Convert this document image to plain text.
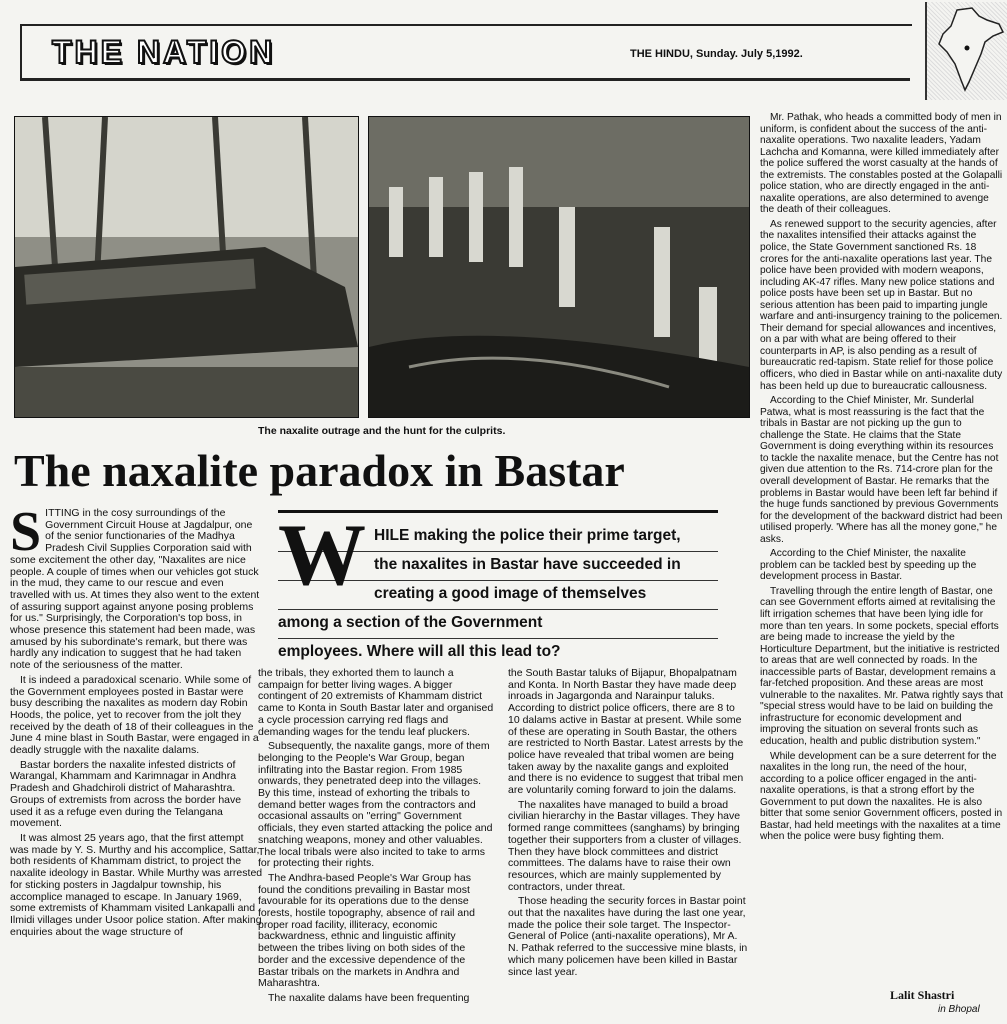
THE NATION	THE HINDU, Sunday. July 5,1992.
The naxalite outrage and the hunt for the culprits.
The naxalite paradox in Bastar

SITTING in the cosy surroundings of the Government Circuit House at Jagdalpur, one of the senior functionaries of the Madhya Pradesh Civil Supplies Corporation said with some excitement the other day, "Naxalites are nice people. A couple of times when our vehicles got stuck in the mud, they came to our rescue and even travelled with us. At times they also went to the extent of assuring support against anyone posing problems for us." Surprisingly, the Corporation's top boss, in whose presence this statement had been made, was amused by his subordinate's remark, but there was hardly any indication to suggest that he had taken note of the seriousness of the matter.

It is indeed a paradoxical scenario. While some of the Government employees posted in Bastar were busy describing the naxalites as modern day Robin Hoods, the police, yet to recover from the jolt they received by the death of 18 of their colleagues in the June 4 mine blast in South Bastar, were engaged in a deadly struggle with the naxalite dalams.

Bastar borders the naxalite infested districts of Warangal, Khammam and Karimnagar in Andhra Pradesh and Ghadchiroli district of Maharashtra. Groups of extremists from across the border have used it as a refuge even during the Telangana movement.

It was almost 25 years ago, that the first attempt was made by Y. S. Murthy and his accomplice, Sattar, both residents of Khammam district, to project the naxalite ideology in Bastar. While Murthy was arrested for sticking posters in Jagdalpur township, his accomplice managed to escape. In January 1969, some extremists of Khammam visited Lankapalli and Ilmidi villages under Usoor police station. After making enquiries about the wage structure of

W HILE making the police their prime target,
the naxalites in Bastar have succeeded in
creating a good image of themselves
among a section of the Government
employees. Where will all this lead to?

the tribals, they exhorted them to launch a campaign for better living wages. A bigger contingent of 20 extremists of Khammam district came to Konta in South Bastar later and organised a cycle procession carrying red flags and demanding wages for the tendu leaf pluckers.

Subsequently, the naxalite gangs, more of them belonging to the People's War Group, began infiltrating into the Bastar region. From 1985 onwards, they penetrated deep into the villages. By this time, instead of exhorting the tribals to demand better wages from the contractors and occasional assaults on "erring" Government officials, they even started attacking the police and snatching weapons, money and other valuables. The local tribals were also incited to take to arms for protecting their rights.

The Andhra-based People's War Group has found the conditions prevailing in Bastar most favourable for its operations due to the dense forests, hostile topography, absence of rail and proper road facility, illiteracy, economic backwardness, ethnic and linguistic affinity between the tribes living on both sides of the border and the excessive dependence of the Bastar tribals on the markets in Andhra and Maharashtra.

The naxalite dalams have been frequenting

the South Bastar taluks of Bijapur, Bhopalpatnam and Konta. In North Bastar they have made deep inroads in Jagargonda and Narainpur taluks. According to district police officers, there are 8 to 10 dalams active in Bastar at present. While some of these are operating in South Bastar, the others are restricted to North Bastar. Latest arrests by the police have revealed that tribal women are being taken away by the naxalite gangs and exploited and there is no evidence to suggest that tribal men are voluntarily coming forward to join the dalams.

The naxalites have managed to build a broad civilian hierarchy in the Bastar villages. They have formed range committees (sanghams) by bringing together their supporters from a cluster of villages. Then they have block committees and district committees. The dalams have to raise their own resources, which are mainly supplemented by contractors, under threat.

Those heading the security forces in Bastar point out that the naxalites have during the last one year, made the police their sole target. The Inspector-General of Police (anti-naxalite operations), Mr A. N. Pathak referred to the successive mine blasts, in which many policemen have been killed in Bastar since last year.

Mr. Pathak, who heads a committed body of men in uniform, is confident about the success of the anti-naxalite operations. Two naxalite leaders, Yadam Lachcha and Komanna, were killed immediately after the police suffered the worst casualty at the hands of the extremists. The constables posted at the Golapalli police station, who are directly engaged in the anti-naxalite operations, are also determined to avenge the death of their colleagues.

As renewed support to the security agencies, after the naxalites intensified their attacks against the police, the State Government sanctioned Rs. 18 crores for the anti-naxalite operations last year. The police have been provided with modern weapons, including AK-47 rifles. Many new police stations and police posts have been set up in Bastar. But no serious attention has been paid to imparting jungle warfare and anti-insurgency training to the policemen. Their demand for special allowances and incentives, on a par with what are being offered to their counterparts in AP, is also pending as a result of bureaucratic red-tapism. State relief for those police officers, who died in Bastar while on anti-naxalite duty has been held up due to bureaucratic callousness.

According to the Chief Minister, Mr. Sunderlal Patwa, what is most reassuring is the fact that the tribals in Bastar are not picking up the gun to challenge the State. He claims that the State Government is doing everything within its resources to tackle the naxalite menace, but the Centre has not given due attention to the Rs. 714-crore plan for the overall development of Bastar. He remarks that the problems in Bastar would have been left far behind if the huge funds sanctioned by previous Governments for the development of the backward district had been utilised properly. 'Where has all the money gone," he asks.

According to the Chief Minister, the naxalite problem can be tackled best by speeding up the development process in Bastar.

Travelling through the entire length of Bastar, one can see Government efforts aimed at revitalising the lift irrigation schemes that have been lying idle for more than ten years. In some pockets, special efforts are being made to increase the yield by the Horticulture Department, but the initiative is restricted to areas that are well connected by roads. In the inaccessible parts of Bastar, development remains a far-fetched proposition. And these areas are most vulnerable to the naxalites. Mr. Patwa rightly says that "special stress would have to be laid on building the infrastructure for economic development and improving the situation on several fronts such as education, health and public distribution system."

While development can be a sure deterrent for the naxalites in the long run, the need of the hour, according to a police officer engaged in the anti-naxalite operations, is that a strong effort by the Government to put down the naxalites. He is also bitter that some senior Government officers, posted in Bastar, had held meetings with the naxalites at a time when the police were busy fighting them.

Lalit Shastri
in Bhopal
